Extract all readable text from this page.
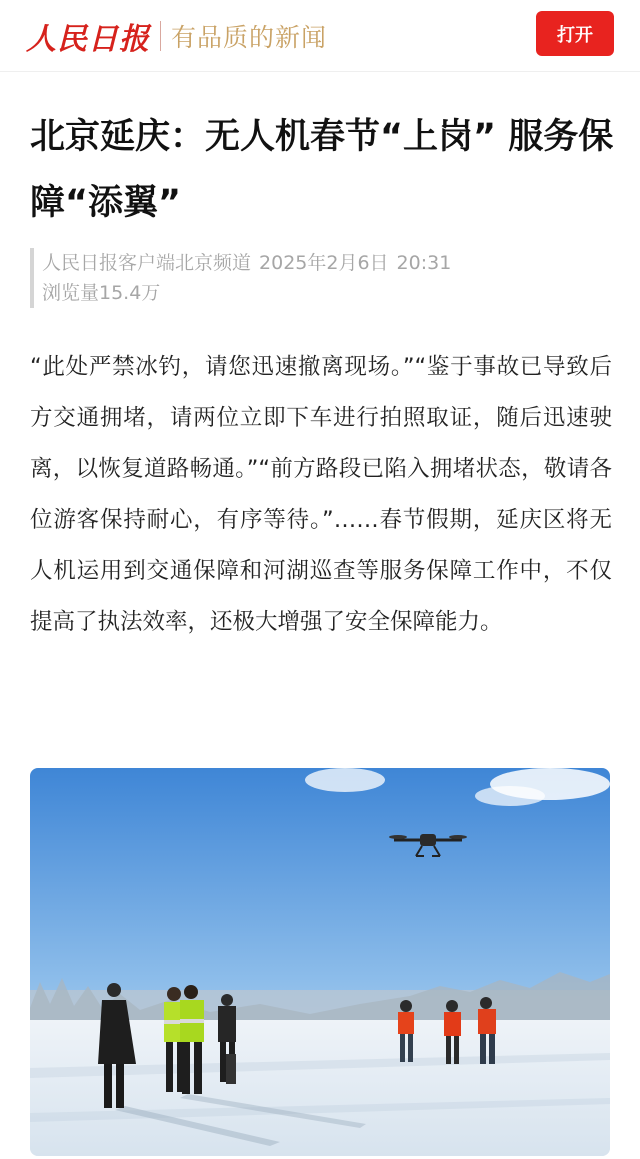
人民日报 有品质的新闻	打开
北京延庆：无人机春节“上岗” 服务保障“添翼”
人民日报客户端北京频道 2025年2月6日 20:31
浏览量15.4万

“此处严禁冰钓，请您迅速撤离现场。”“鉴于事故已导致后方交通拥堵，请两位立即下车进行拍照取证，随后迅速驶离，以恢复道路畅通。”“前方路段已陷入拥堵状态，敬请各位游客保持耐心，有序等待。”……春节假期，延庆区将无人机运用到交通保障和河湖巡查等服务保障工作中，不仅提高了执法效率，还极大增强了安全保障能力。
